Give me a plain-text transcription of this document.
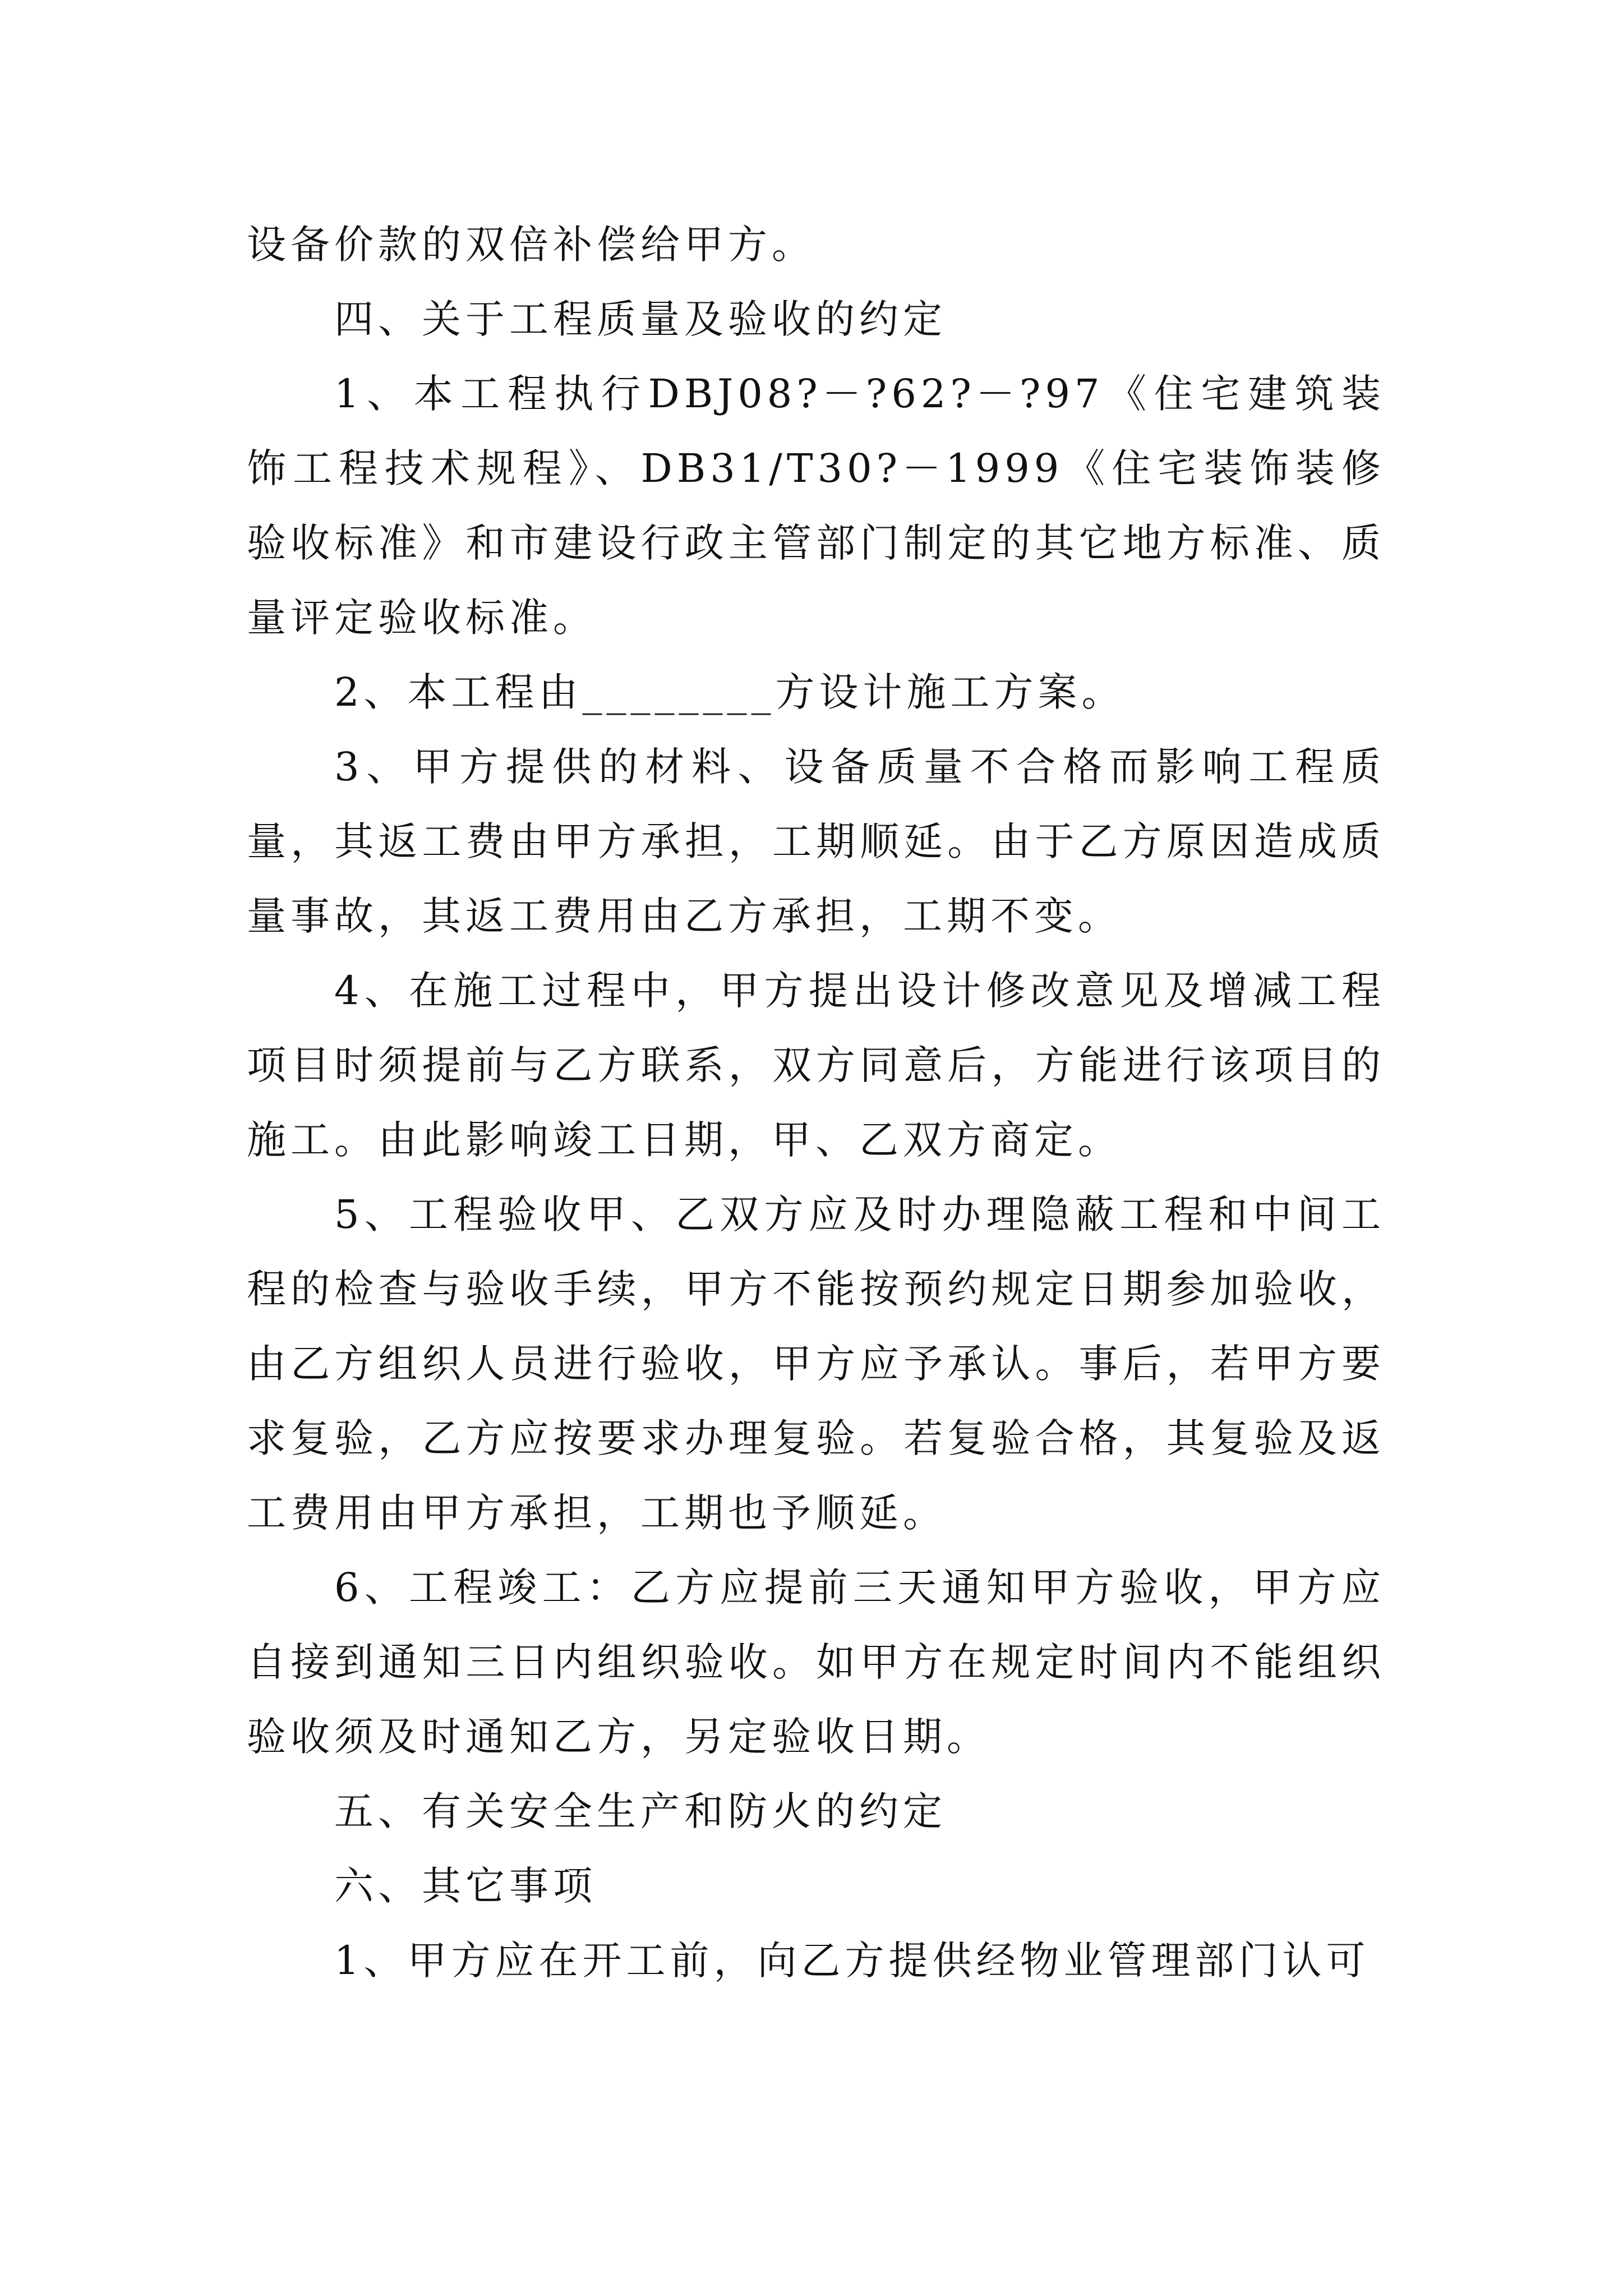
设备价款的双倍补偿给甲方。

四、关于工程质量及验收的约定

1、本工程执行DBJ08?－?62?－?97《住宅建筑装饰工程技术规程》、DB31/T30?－1999《住宅装饰装修验收标准》和市建设行政主管部门制定的其它地方标准、质量评定验收标准。

2、本工程由________方设计施工方案。

3、甲方提供的材料、设备质量不合格而影响工程质量，其返工费由甲方承担，工期顺延。由于乙方原因造成质量事故，其返工费用由乙方承担，工期不变。

4、在施工过程中，甲方提出设计修改意见及增减工程项目时须提前与乙方联系，双方同意后，方能进行该项目的施工。由此影响竣工日期，甲、乙双方商定。

5、工程验收甲、乙双方应及时办理隐蔽工程和中间工程的检查与验收手续，甲方不能按预约规定日期参加验收，由乙方组织人员进行验收，甲方应予承认。事后，若甲方要求复验，乙方应按要求办理复验。若复验合格，其复验及返工费用由甲方承担，工期也予顺延。

6、工程竣工：乙方应提前三天通知甲方验收，甲方应自接到通知三日内组织验收。如甲方在规定时间内不能组织验收须及时通知乙方，另定验收日期。

五、有关安全生产和防火的约定

六、其它事项

1、甲方应在开工前，向乙方提供经物业管理部门认可
